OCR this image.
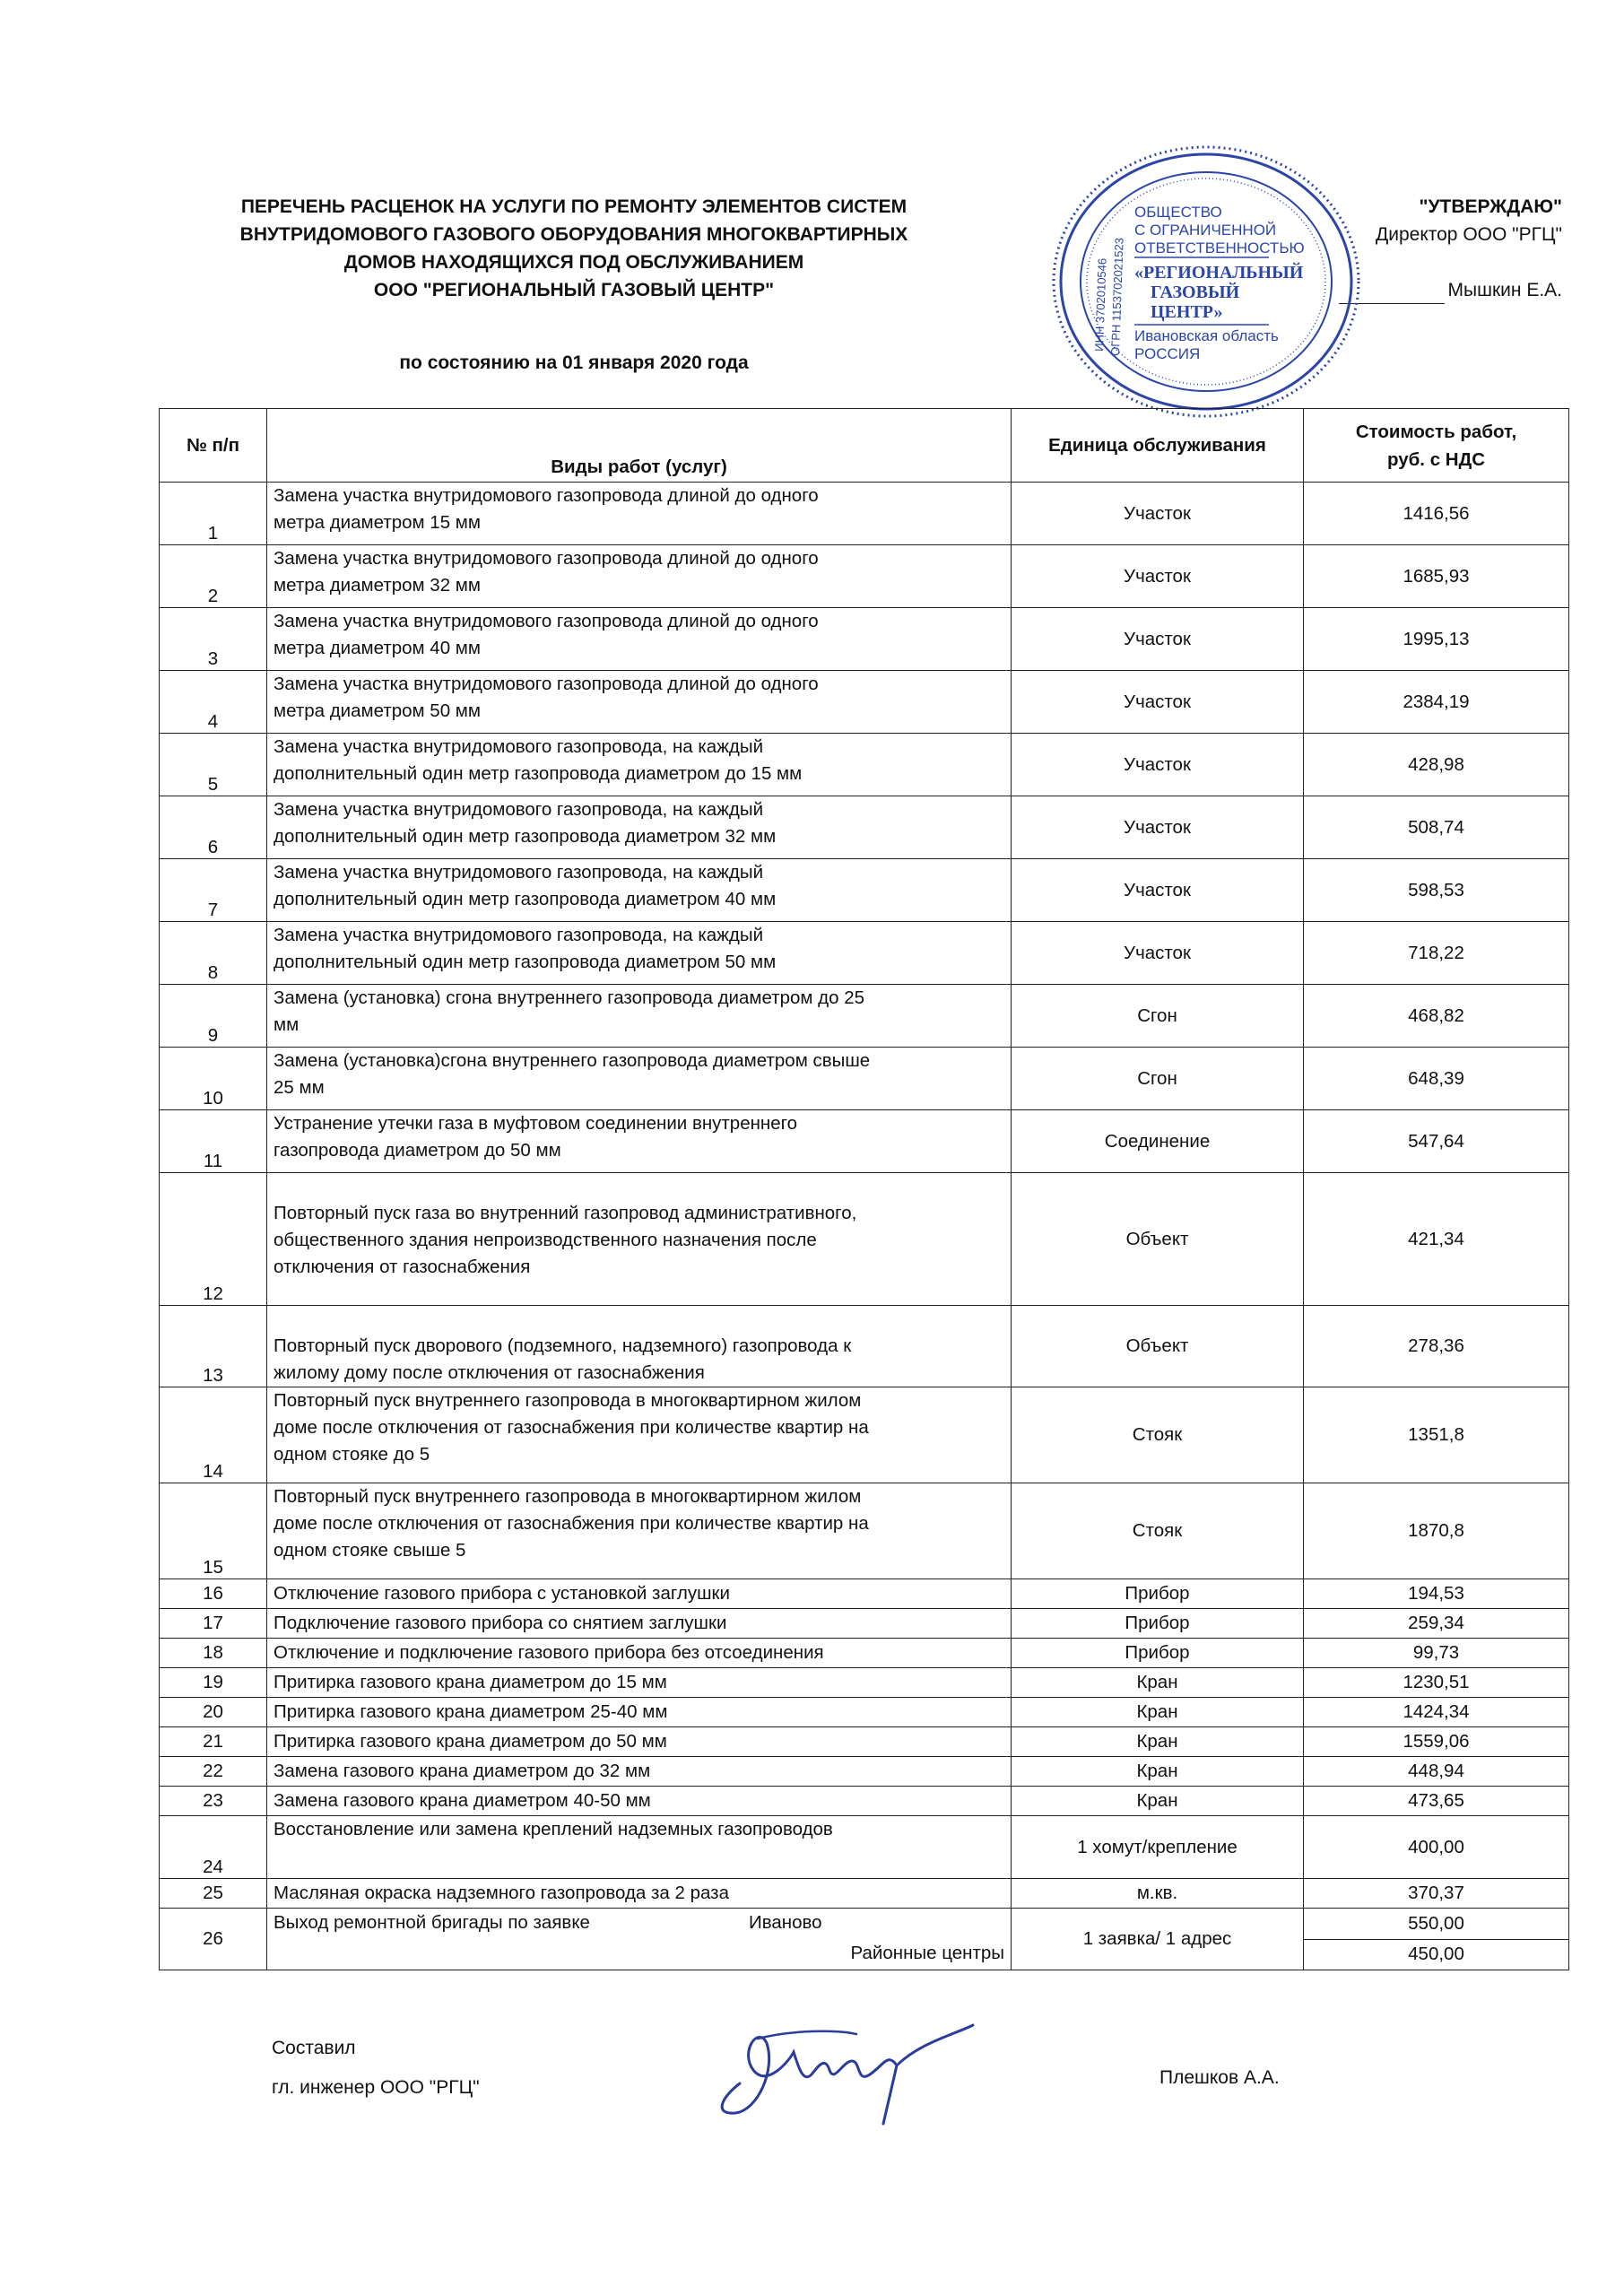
ПЕРЕЧЕНЬ РАСЦЕНОК НА УСЛУГИ ПО РЕМОНТУ ЭЛЕМЕНТОВ СИСТЕМ
ВНУТРИДОМОВОГО ГАЗОВОГО ОБОРУДОВАНИЯ МНОГОКВАРТИРНЫХ
ДОМОВ НАХОДЯЩИХСЯ ПОД ОБСЛУЖИВАНИЕМ
ООО "РЕГИОНАЛЬНЫЙ ГАЗОВЫЙ ЦЕНТР"
по состоянию на 01 января 2020 года
"УТВЕРЖДАЮ"
Директор ООО "РГЦ"

Мышкин Е.А.
ИНН 3702010546 ОГРН 1153702021523
ОБЩЕСТВО
С ОГРАНИЧЕННОЙ
ОТВЕТСТВЕННОСТЬЮ
«РЕГИОНАЛЬНЫЙ
ГАЗОВЫЙ
ЦЕНТР»
Ивановская область
РОССИЯ
№ п/п	Виды работ (услуг)	Единица обслуживания	Стоимость работ,
руб. с НДС
1	Замена участка внутридомового газопровода длиной до одного
метра диаметром 15 мм	Участок	1416,56
2	Замена участка внутридомового газопровода длиной до одного
метра диаметром 32 мм	Участок	1685,93
3	Замена участка внутридомового газопровода длиной до одного
метра диаметром 40 мм	Участок	1995,13
4	Замена участка внутридомового газопровода длиной до одного
метра диаметром 50 мм	Участок	2384,19
5	Замена участка внутридомового газопровода, на каждый
дополнительный один метр газопровода диаметром до 15 мм	Участок	428,98
6	Замена участка внутридомового газопровода, на каждый
дополнительный один метр газопровода диаметром 32 мм	Участок	508,74
7	Замена участка внутридомового газопровода, на каждый
дополнительный один метр газопровода диаметром 40 мм	Участок	598,53
8	Замена участка внутридомового газопровода, на каждый
дополнительный один метр газопровода диаметром 50 мм	Участок	718,22
9	Замена (установка) сгона внутреннего газопровода диаметром до 25
мм	Сгон	468,82
10	Замена (установка)сгона внутреннего газопровода диаметром свыше
25 мм	Сгон	648,39
11	Устранение утечки газа в муфтовом соединении внутреннего
газопровода диаметром до 50 мм	Соединение	547,64
12	Повторный пуск газа во внутренний газопровод административного,
общественного здания непроизводственного назначения после
отключения от газоснабжения	Объект	421,34
13	Повторный пуск дворового (подземного, надземного) газопровода к
жилому дому после отключения от газоснабжения	Объект	278,36
14	Повторный пуск внутреннего газопровода в многоквартирном жилом
доме после отключения от газоснабжения при количестве квартир на
одном стояке до 5	Стояк	1351,8
15	Повторный пуск внутреннего газопровода в многоквартирном жилом
доме после отключения от газоснабжения при количестве квартир на
одном стояке свыше 5	Стояк	1870,8
16	Отключение газового прибора с установкой заглушки	Прибор	194,53
17	Подключение газового прибора со снятием заглушки	Прибор	259,34
18	Отключение и подключение газового прибора без отсоединения	Прибор	99,73
19	Притирка газового крана диаметром до 15 мм	Кран	1230,51
20	Притирка газового крана диаметром 25-40 мм	Кран	1424,34
21	Притирка газового крана диаметром до 50 мм	Кран	1559,06
22	Замена газового крана диаметром до 32 мм	Кран	448,94
23	Замена газового крана диаметром 40-50 мм	Кран	473,65
24	Восстановление или замена креплений надземных газопроводов	1 хомут/крепление	400,00
25	Масляная окраска надземного газопровода за 2 раза	м.кв.	370,37
26	Выход ремонтной бригады по заявке Иваново
Районные центры	1 заявка/ 1 адрес	550,00
			450,00
Составил
гл. инженер ООО "РГЦ"	Плешков А.А.
